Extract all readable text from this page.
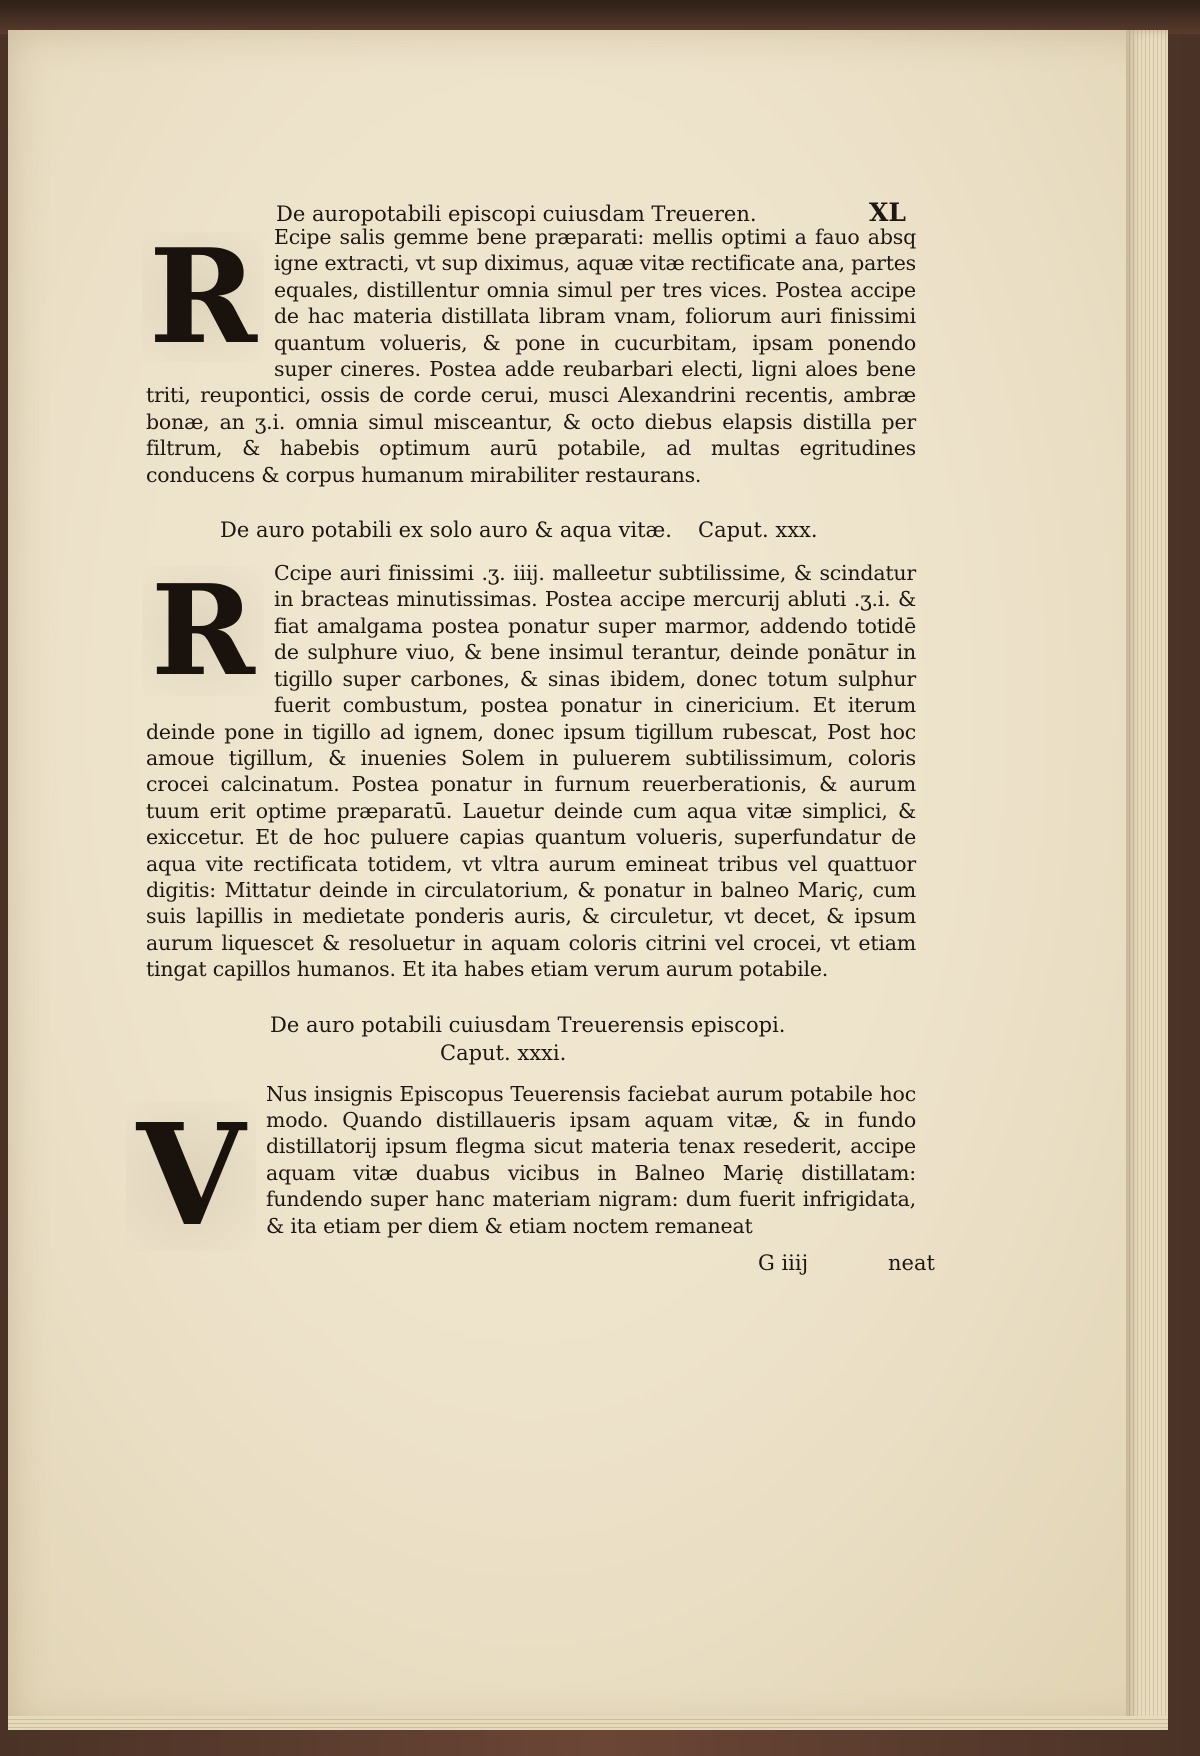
De auropotabili episcopi cuiusdam Treueren.	XL
R Ecipe salis gemme bene præparati: mellis optimi a fauo absq igne extracti, vt sup diximus, aquæ vitæ rectificate ana, partes equales, distillentur omnia simul per tres vices. Postea accipe de hac materia distillata libram vnam, foliorum auri finissimi quantum volueris, & pone in cucurbitam, ipsam ponendo super cineres. Postea adde reubarbari electi, ligni aloes bene triti, reupontici, ossis de corde cerui, musci Alexandrini recentis, ambræ bonæ, an ʒ.i. omnia simul misceantur, & octo diebus elapsis distilla per filtrum, & habebis optimum aurū potabile, ad multas egritudines conducens & corpus humanum mirabiliter restaurans.
De auro potabili ex solo auro & aqua vitæ. Caput. xxx.
R Ccipe auri finissimi .ʒ. iiij. malleetur subtilissime, & scindatur in bracteas minutissimas. Postea accipe mercurij abluti .ʒ.i. & fiat amalgama postea ponatur super marmor, addendo totidē de sulphure viuo, & bene insimul terantur, deinde ponātur in tigillo super carbones, & sinas ibidem, donec totum sulphur fuerit combustum, postea ponatur in cinericium. Et iterum deinde pone in tigillo ad ignem, donec ipsum tigillum rubescat, Post hoc amoue tigillum, & inuenies Solem in puluerem subtilissimum, coloris crocei calcinatum. Postea ponatur in furnum reuerberationis, & aurum tuum erit optime præparatū. Lauetur deinde cum aqua vitæ simplici, & exiccetur. Et de hoc puluere capias quantum volueris, superfundatur de aqua vite rectificata totidem, vt vltra aurum emineat tribus vel quattuor digitis: Mittatur deinde in circulatorium, & ponatur in balneo Mariç, cum suis lapillis in medietate ponderis auris, & circuletur, vt decet, & ipsum aurum liquescet & resoluetur in aquam coloris citrini vel crocei, vt etiam tingat capillos humanos. Et ita habes etiam verum aurum potabile.
De auro potabili cuiusdam Treuerensis episcopi.
Caput. xxxi.
V	Nus insignis Episcopus Teuerensis faciebat aurum potabile hoc modo. Quando distillaueris ipsam aquam vitæ, & in fundo distillatorij ipsum flegma sicut materia tenax resederit, accipe aquam vitæ duabus vicibus in Balneo Marię distillatam: fundendo super hanc materiam nigram: dum fuerit infrigidata, & ita etiam per diem & etiam noctem remaneat
G iiij	neat
